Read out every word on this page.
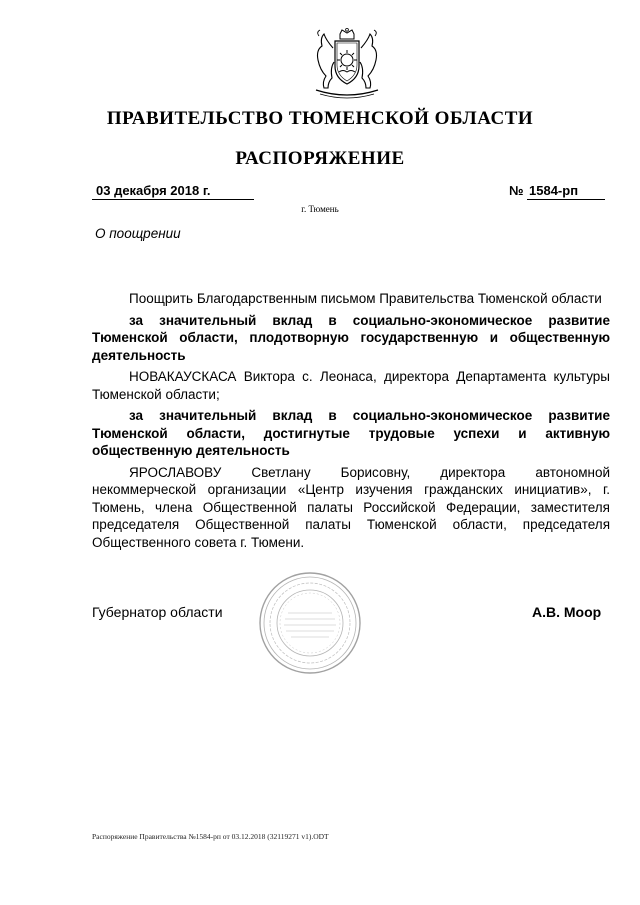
ПРАВИТЕЛЬСТВО ТЮМЕНСКОЙ ОБЛАСТИ
РАСПОРЯЖЕНИЕ
03 декабря 2018 г.	№ 1584-рп
г. Тюмень
О поощрении

Поощрить Благодарственным письмом Правительства Тюменской области

за значительный вклад в социально-экономическое развитие Тюменской области, плодотворную государственную и общественную деятельность

НОВАКАУСКАСА Виктора с. Леонаса, директора Департамента культуры Тюменской области;

за значительный вклад в социально-экономическое развитие Тюменской области, достигнутые трудовые успехи и активную общественную деятельность

ЯРОСЛАВОВУ Светлану Борисовну, директора автономной некоммерческой организации «Центр изучения гражданских инициатив», г. Тюмень, члена Общественной палаты Российской Федерации, заместителя председателя Общественной палаты Тюменской области, председателя Общественного совета г. Тюмени.

Губернатор области	А.В. Моор
Распоряжение Правительства №1584-рп от 03.12.2018 (32119271 v1).ODT
